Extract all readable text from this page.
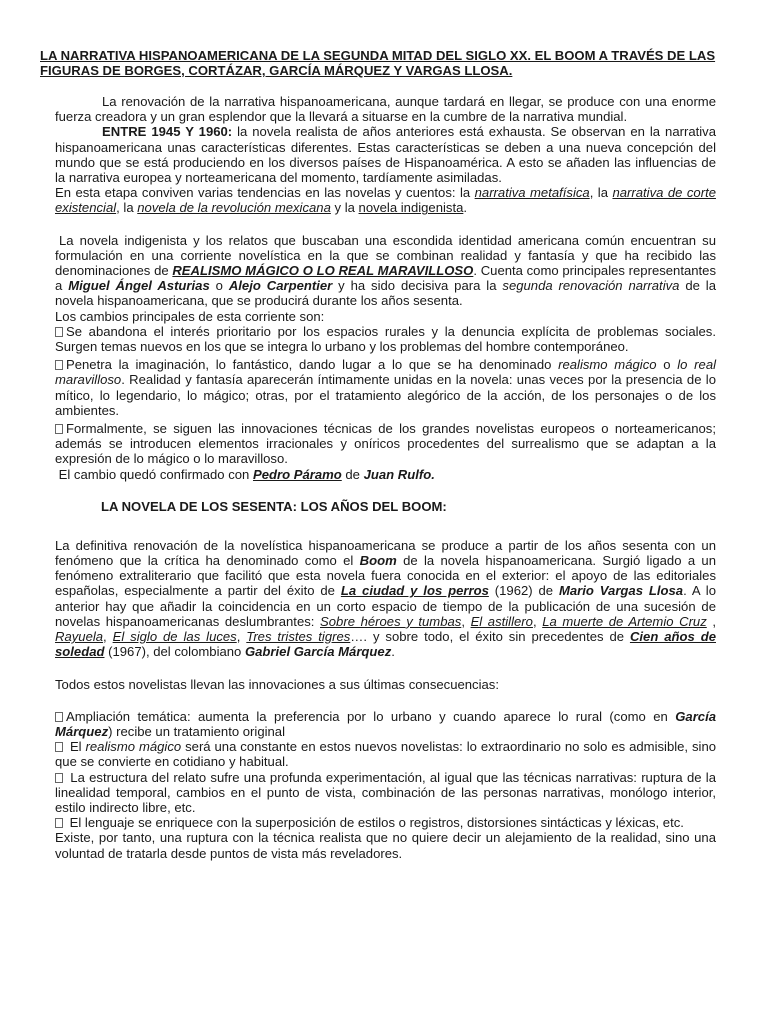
LA NARRATIVA HISPANOAMERICANA DE LA SEGUNDA MITAD DEL SIGLO XX. EL BOOM A TRAVÉS DE LAS FIGURAS DE BORGES, CORTÁZAR, GARCÍA MÁRQUEZ Y VARGAS LLOSA.

La renovación de la narrativa hispanoamericana, aunque tardará en llegar, se produce con una enorme fuerza creadora y un gran esplendor que la llevará a situarse en la cumbre de la narrativa mundial.

ENTRE 1945 Y 1960: la novela realista de años anteriores está exhausta. Se observan en la narrativa hispanoamericana unas características diferentes. Estas características se deben a una nueva concepción del mundo que se está produciendo en los diversos países de Hispanoamérica. A esto se añaden las influencias de la narrativa europea y norteamericana del momento, tardíamente asimiladas.

En esta etapa conviven varias tendencias en las novelas y cuentos: la narrativa metafísica, la narrativa de corte existencial, la novela de la revolución mexicana y la novela indigenista.

La novela indigenista y los relatos que buscaban una escondida identidad americana común encuentran su formulación en una corriente novelística en la que se combinan realidad y fantasía y que ha recibido las denominaciones de REALISMO MÁGICO O LO REAL MARAVILLOSO. Cuenta como principales representantes a Miguel Ángel Asturias o Alejo Carpentier y ha sido decisiva para la segunda renovación narrativa de la novela hispanoamericana, que se producirá durante los años sesenta.

Los cambios principales de esta corriente son:

Se abandona el interés prioritario por los espacios rurales y la denuncia explícita de problemas sociales. Surgen temas nuevos en los que se integra lo urbano y los problemas del hombre contemporáneo.

Penetra la imaginación, lo fantástico, dando lugar a lo que se ha denominado realismo mágico o lo real maravilloso. Realidad y fantasía aparecerán íntimamente unidas en la novela: unas veces por la presencia de lo mítico, lo legendario, lo mágico; otras, por el tratamiento alegórico de la acción, de los personajes o de los ambientes.

Formalmente, se siguen las innovaciones técnicas de los grandes novelistas europeos o norteamericanos; además se introducen elementos irracionales y oníricos procedentes del surrealismo que se adaptan a la expresión de lo mágico o lo maravilloso.

El cambio quedó confirmado con Pedro Páramo de Juan Rulfo.

LA NOVELA DE LOS SESENTA: LOS AÑOS DEL BOOM:

La definitiva renovación de la novelística hispanoamericana se produce a partir de los años sesenta con un fenómeno que la crítica ha denominado como el Boom de la novela hispanoamericana. Surgió ligado a un fenómeno extraliterario que facilitó que esta novela fuera conocida en el exterior: el apoyo de las editoriales españolas, especialmente a partir del éxito de La ciudad y los perros (1962) de Mario Vargas Llosa. A lo anterior hay que añadir la coincidencia en un corto espacio de tiempo de la publicación de una sucesión de novelas hispanoamericanas deslumbrantes: Sobre héroes y tumbas, El astillero, La muerte de Artemio Cruz , Rayuela, El siglo de las luces, Tres tristes tigres…. y sobre todo, el éxito sin precedentes de Cien años de soledad (1967), del colombiano Gabriel García Márquez.

Todos estos novelistas llevan las innovaciones a sus últimas consecuencias:

Ampliación temática: aumenta la preferencia por lo urbano y cuando aparece lo rural (como en García Márquez) recibe un tratamiento original

El realismo mágico será una constante en estos nuevos novelistas: lo extraordinario no solo es admisible, sino que se convierte en cotidiano y habitual.

La estructura del relato sufre una profunda experimentación, al igual que las técnicas narrativas: ruptura de la linealidad temporal, cambios en el punto de vista, combinación de las personas narrativas, monólogo interior, estilo indirecto libre, etc.

El lenguaje se enriquece con la superposición de estilos o registros, distorsiones sintácticas y léxicas, etc.

Existe, por tanto, una ruptura con la técnica realista que no quiere decir un alejamiento de la realidad, sino una voluntad de tratarla desde puntos de vista más reveladores.
